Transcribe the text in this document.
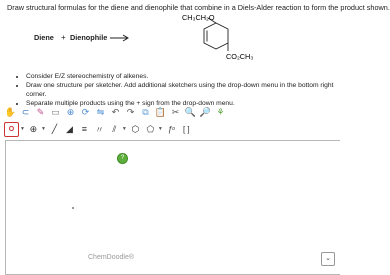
Draw structural formulas for the diene and dienophile that combine in a Diels-Alder reaction to form the product shown.
Diene + Dienophile →
CH₃CH₂O
CO₂CH₃
• Consider E/Z stereochemistry of alkenes.
• Draw one structure per sketcher. Add additional sketchers using the drop-down menu in the bottom right corner.
• Separate multiple products using the + sign from the drop-down menu.
✋ ⊂ ✎ ▭ ⊕ ⟳ ⇋ ↶ ↷ ⧉ 📋 ✂ 🔍 🔎 ⚘
O	▼ ⊕ ▼ ╱ ◢ ≡ 〃 ⫽	▼ ⬡ ⬠ ▼ ƒ o	[ ]
?
ChemDoodle®	⌄
